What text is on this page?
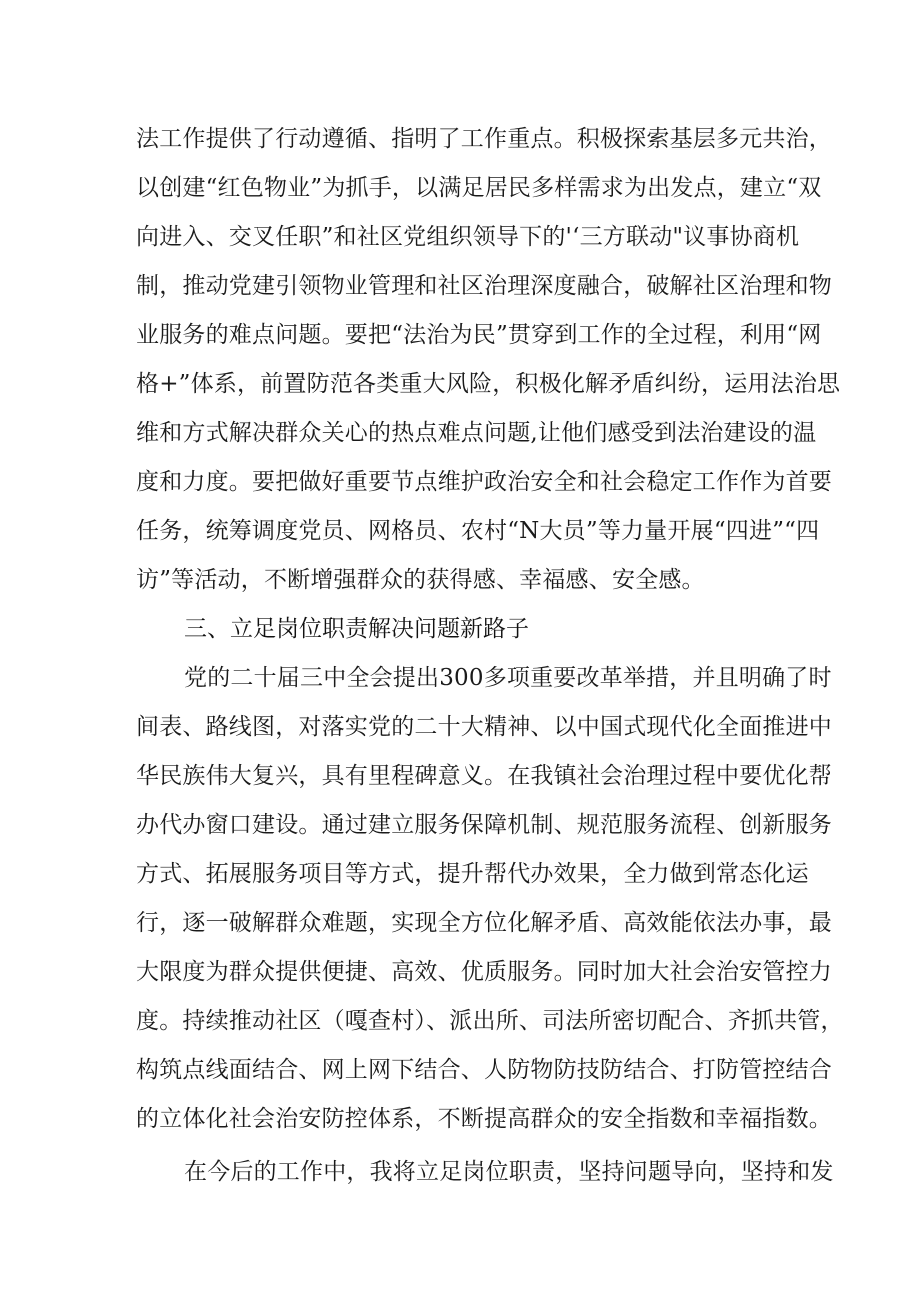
法工作提供了行动遵循、指明了工作重点。积极探索基层多元共治，
以创建“红色物业”为抓手，以满足居民多样需求为出发点，建立“双
向进入、交叉任职”和社区党组织领导下的'‘三方联动"议事协商机
制，推动党建引领物业管理和社区治理深度融合，破解社区治理和物
业服务的难点问题。要把“法治为民”贯穿到工作的全过程，利用“网
格+”体系，前置防范各类重大风险，积极化解矛盾纠纷，运用法治思
维和方式解决群众关心的热点难点问题,让他们感受到法治建设的温
度和力度。要把做好重要节点维护政治安全和社会稳定工作作为首要
任务，统筹调度党员、网格员、农村“N大员”等力量开展“四进”“四
访”等活动，不断增强群众的获得感、幸福感、安全感。
三、立足岗位职责解决问题新路子
党的二十届三中全会提出300多项重要改革举措，并且明确了时
间表、路线图，对落实党的二十大精神、以中国式现代化全面推进中
华民族伟大复兴，具有里程碑意义。在我镇社会治理过程中要优化帮
办代办窗口建设。通过建立服务保障机制、规范服务流程、创新服务
方式、拓展服务项目等方式，提升帮代办效果，全力做到常态化运
行，逐一破解群众难题，实现全方位化解矛盾、高效能依法办事，最
大限度为群众提供便捷、高效、优质服务。同时加大社会治安管控力
度。持续推动社区（嘎查村）、派出所、司法所密切配合、齐抓共管，
构筑点线面结合、网上网下结合、人防物防技防结合、打防管控结合
的立体化社会治安防控体系，不断提高群众的安全指数和幸福指数。
在今后的工作中，我将立足岗位职责，坚持问题导向，坚持和发
